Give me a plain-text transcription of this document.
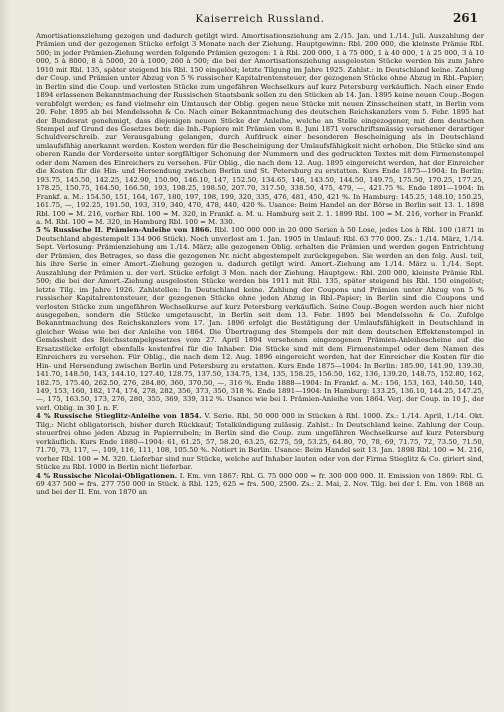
Kaiserreich Russland.	261

Amortisationsziehung gezogen und dadurch getilgt wird. Amortisationsziehung am 2./15. Jan. und 1./14. Juli. Auszahlung der Prämien und der gezogenen Stücke erfolgt 3 Monate nach der Ziehung. Hauptgewinn: Rbl. 200 000, die kleinste Prämie Rbl. 500; in jeder Prämien-Ziehung werden folgende Prämien gezogen: 1 à Rbl. 200 000, 1 à 75 000, 1 à 40 000, 1 à 25 000, 3 à 10 000, 5 à 8000, 8 à 5000, 20 à 1000, 260 à 500; die bei der Amortisationsziehung ausgelosten Stücke werden bis zum Jahre 1910 mit Rbl. 135, später steigend bis Rbl. 150 eingelöst; letzte Tilgung im Jahre 1925. Zahlst.: in Deutschland keine. Zahlung der Coup. und Prämien unter Abzug von 5 % russischer Kapitalrentensteuer, der gezogenen Stücke ohne Abzug in Rbl.-Papier; in Berlin sind die Coup. und verlosten Stücke zum ungefähren Wechselkurs auf kurz Petersburg verkäuflich. Nach einer Ende 1894 erlassenen Bekanntmachung der Russischen Staatsbank sollen zu den Stücken ab 14. Jan. 1895 keine neuen Coup.-Bogen verabfolgt werden; es fand vielmehr ein Umtausch der Oblig. gegen neue Stücke mit neuen Zinsscheinen statt, in Berlin vom 20. Febr. 1895 ab bei Mendelssohn & Co. Nach einer Bekanntmachung des deutschen Reichskanzlers vom 5. Febr. 1895 hat der Bundesrat genehmigt, dass diejenigen neuen Stücke der Anleihe, welche an Stelle eingezogener, mit dem deutschen Stempel auf Grund des Gesetzes betr. die Inh.-Papiere mit Prämien vom 8. Juni 1871 vorschriftsmässig versehener derartiger Schuldverschreib. zur Verausgabung gelangen, durch Aufdruck einer besonderen Bescheinigung als in Deutschland umlaufsfähig anerkannt werden. Kosten werden für die Bescheinigung der Umlaufsfähigkeit nicht erhoben. Die Stücke sind am oberen Rande der Vorderseite unter sorgfältiger Schonung der Nummern und des gedruckten Textes mit dem Firmenstempel oder dem Namen des Einreichers zu versehen. Für Oblig., die nach dem 12. Aug. 1895 eingereicht werden, hat der Einreicher die Kosten für die Hin- und Hersendung zwischen Berlin und St. Petersburg zu erstatten. Kurs Ende 1875—1904: In Berlin: 193.75, 145.50, 142.25, 142.90, 150.90, 146.10, 147, 152.50, 134.65, 146, 143.50, 144.50, 149.75, 175.50, 170.25, 177.25, 178.25, 150.75, 164.50, 166.50, 193, 198.25, 198.50, 207.70, 317.50, 338.50, 475, 479, —, 421.75 %. Ende 1891—1904: In Frankf. a. M.: 154.50, 151, 164, 167, 180, 197, 198, 199, 320, 335, 476, 481, 450, 421 %. In Hamburg: 145.25, 148.10, 150.25, 161.75, —, 192.25, 191.50, 193, 319, 340, 470, 478, 440, 420 %. Usance: Beim Handel an der Börse in Berlin seit 13. 1. 1898 Rbl. 100 = M. 216, vorher Rbl. 100 = M. 320, in Frankf. a. M. u. Hamburg seit 2. 1. 1899 Rbl. 100 = M. 216, vorher in Frankf. a. M. Rbl. 100 = M. 320, in Hamburg Rbl. 100 = M. 330.

5 % Russische II. Prämien-Anleihe von 1866. Rbl. 100 000 000 in 20 000 Serien à 50 Lose, jedes Los à Rbl. 100 (1871 in Deutschland abgestempelt 134 906 Stück). Noch unverlost am 1. Jan. 1905 in Umlauf: Rbl. 63 770 000. Zs.: 1./14. März, 1./14. Sept. Verlosung: Prämienziehung am 1./14. März; alle gezogenen Oblig. erhalten die Prämien und werden gegen Entrichtung der Prämien, des Betrages, so dass die gezogenen Nr. nicht abgestempelt zurückgegeben. Sie werden an den folg. Ausl. teil, bis ihre Serie in einer Amort.-Ziehung gezogen u. dadurch getilgt wird. Amort.-Ziehung am 1./14. März u. 1./14. Sept. Auszahlung der Prämien u. der verl. Stücke erfolgt 3 Mon. nach der Ziehung. Hauptgew.: Rbl. 200 000, kleinste Prämie Rbl. 500; die bei der Amort.-Ziehung ausgelosten Stücke werden bis 1911 mit Rbl. 135, später steigend bis Rbl. 150 eingelöst; letzte Tilg. im Jahre 1926. Zahlstellen: In Deutschland keine. Zahlung der Coupons und Prämien unter Abzug von 5 % russischer Kapitalrentensteuer, der gezogenen Stücke ohne jeden Abzug in Rbl.-Papier; in Berlin sind die Coupons und verlosten Stücke zum ungefähren Wechselkurse auf kurz Petersburg verkäuflich. Seine Coup.-Bogen werden auch hier nicht ausgegeben, sondern die Stücke umgetauscht, in Berlin seit dem 13. Febr. 1895 bei Mendelssohn & Co. Zufolge Bekanntmachung des Reichskanzlers vom 17. Jan. 1896 erfolgt die Bestätigung der Umlaufsfähigkeit in Deutschland in gleicher Weise wie bei der Anleihe von 1864. Die Übertragung des Stempels der mit dem deutschen Effektenstempel in Gemässheit des Reichsstempelgesetzes vom 27. April 1894 versehenen eingezogenen Prämien-Anleihescheine auf die Ersatzstücke erfolgt ebenfalls kostenfrei für die Inhaber. Die Stücke sind mit dem Firmenstempel oder dem Namen des Einreichers zu versehen. Für Oblig., die nach dem 12. Aug. 1896 eingereicht werden, hat der Einreicher die Kosten für die Hin- und Hersendung zwischen Berlin und Petersburg zu erstatten. Kurs Ende 1875—1904: In Berlin: 185.90, 141.90, 139.30, 141.70, 148.50, 143, 144.10, 127.40, 128.75, 137.50, 134.75, 134, 135, 158.25, 156.50, 162, 136, 139.20, 148.75, 152.80, 162, 182.75, 175.40, 262.50, 276, 284.80, 360, 370.50, —, 316 %. Ende 1888—1904: In Frankf. a. M.: 156, 153, 163, 140.50, 140, 149, 153, 160, 182, 174, 174, 278, 282, 356, 373, 350, 318 %. Ende 1891—1904: In Hamburg: 133.25, 136.10, 144.25, 147.25, —, 175, 163.50, 173, 276, 280, 355, 369, 339, 312 %. Usance wie bei I. Prämien-Anleihe von 1864. Verj. der Coup. in 10 J., der verl. Oblig. in 30 J. n. F.

4 % Russische Stieglitz-Anleihe von 1854. V. Serie. Rbl. 50 000 000 in Stücken à Rbl. 1000. Zs.: 1./14. April, 1./14. Okt. Tilg.: Nicht obligatorisch, bisher durch Rückkauf; Totalkündigung zulässig. Zahlst.: In Deutschland keine. Zahlung der Coup. steuerfrei ohne jeden Abzug in Papierrubeln; in Berlin sind die Coup. zum ungefähren Wechselkurse auf kurz Petersburg verkäuflich. Kurs Ende 1880—1904: 61, 61.25, 57, 58.20, 63.25, 62.75, 59, 53.25, 64.80, 70, 78, 69, 71.75, 72, 73.50, 71.50, 71.70, 73, 117, —, 109, 116, 111, 108, 105.50 %. Notiert in Berlin. Usance: Beim Handel seit 13. Jan. 1898 Rbl. 100 = M. 216, vorher Rbl. 100 = M. 320. Lieferbar sind nur Stücke, welche auf Inhaber lauten oder von der Firma Stieglitz & Co. giriert sind, Stücke zu Rbl. 1000 in Berlin nicht lieferbar.

4 % Russische Nicolai-Obligationen. I. Em. von 1867: Rbl. G. 75 000 000 = fr. 300 000 000. II. Emission von 1869: Rbl. G. 69 437 500 = frs. 277 750 000 in Stück. à Rbl. 125, 625 = frs. 500, 2500. Zs.: 2. Mai, 2. Nov. Tilg. bei der I. Em. von 1868 an und bei der II. Em. von 1870 an
